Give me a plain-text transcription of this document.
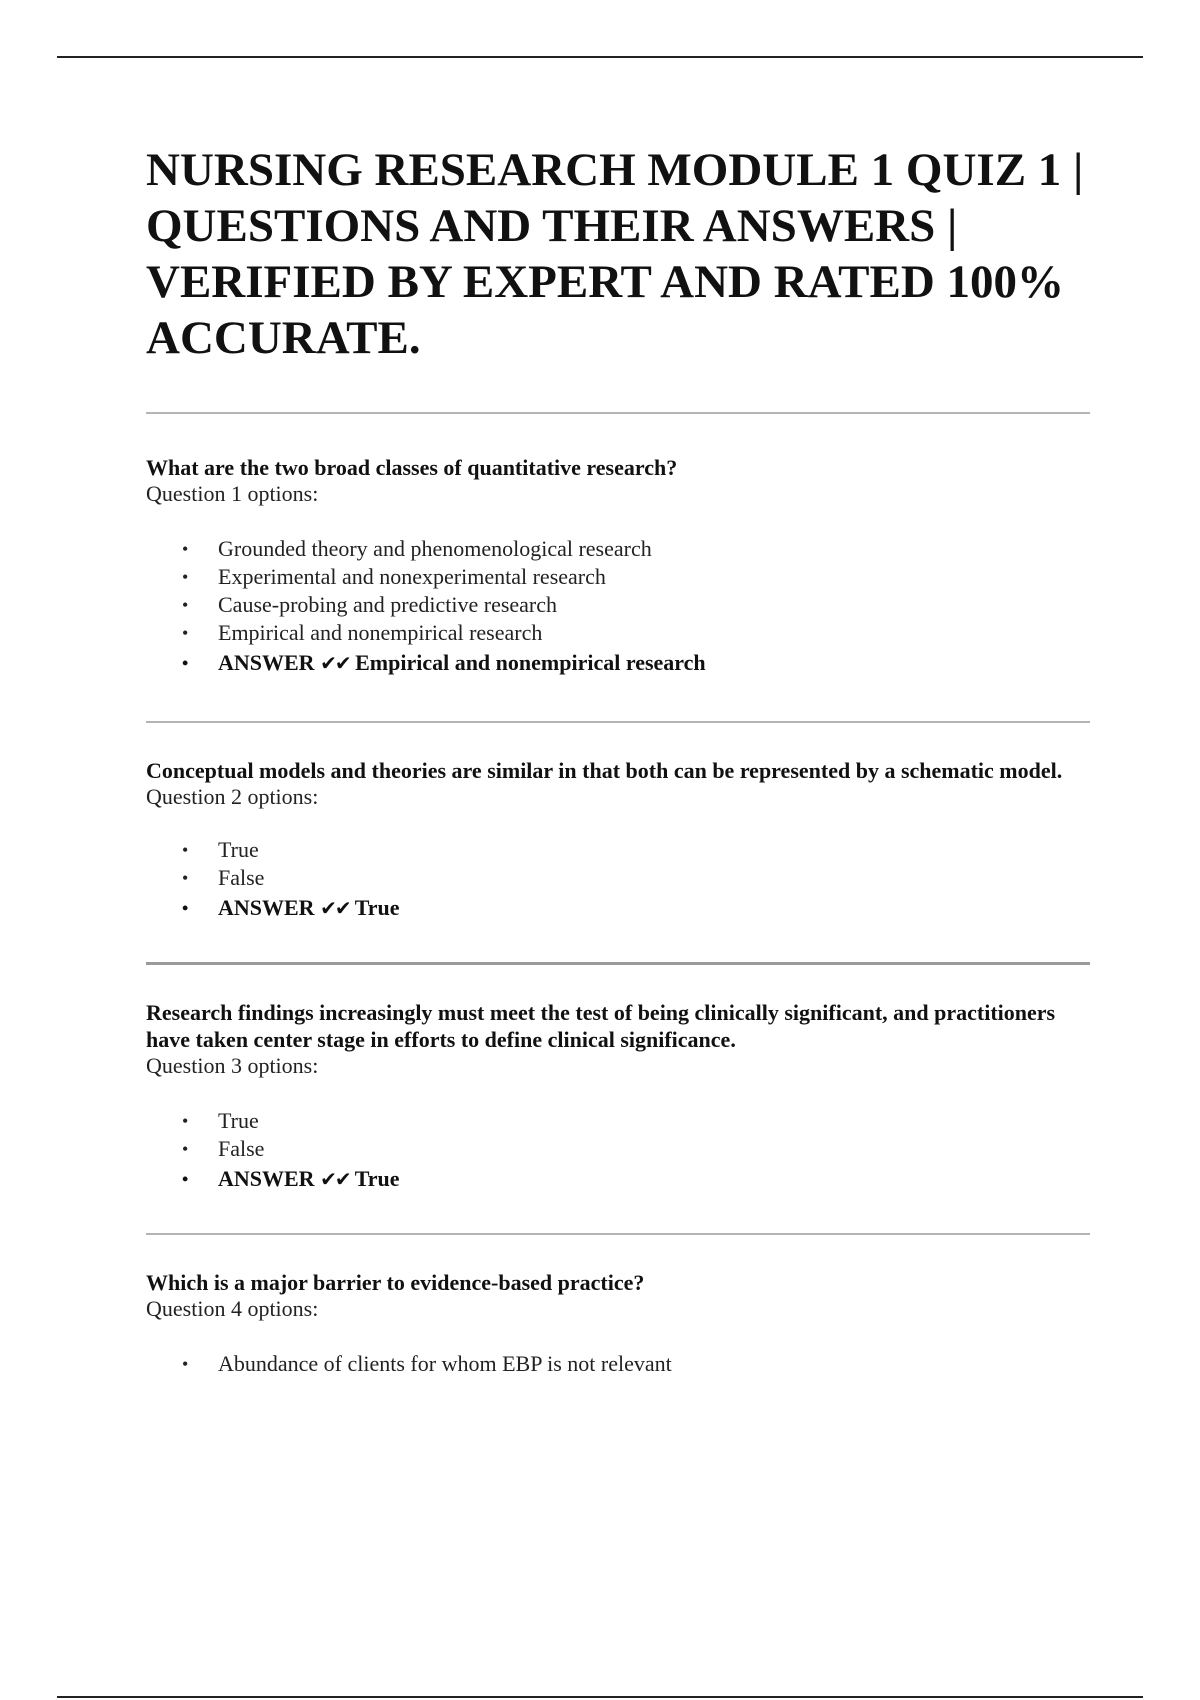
NURSING RESEARCH MODULE 1 QUIZ 1 | QUESTIONS AND THEIR ANSWERS | VERIFIED BY EXPERT AND RATED 100% ACCURATE.
What are the two broad classes of quantitative research?
Question 1 options:
• Grounded theory and phenomenological research
• Experimental and nonexperimental research
• Cause-probing and predictive research
• Empirical and nonempirical research
• ANSWER ✔✔ Empirical and nonempirical research
Conceptual models and theories are similar in that both can be represented by a schematic model.
Question 2 options:
• True
• False
• ANSWER ✔✔ True
Research findings increasingly must meet the test of being clinically significant, and practitioners have taken center stage in efforts to define clinical significance.
Question 3 options:
• True
• False
• ANSWER ✔✔ True
Which is a major barrier to evidence-based practice?
Question 4 options:
• Abundance of clients for whom EBP is not relevant
